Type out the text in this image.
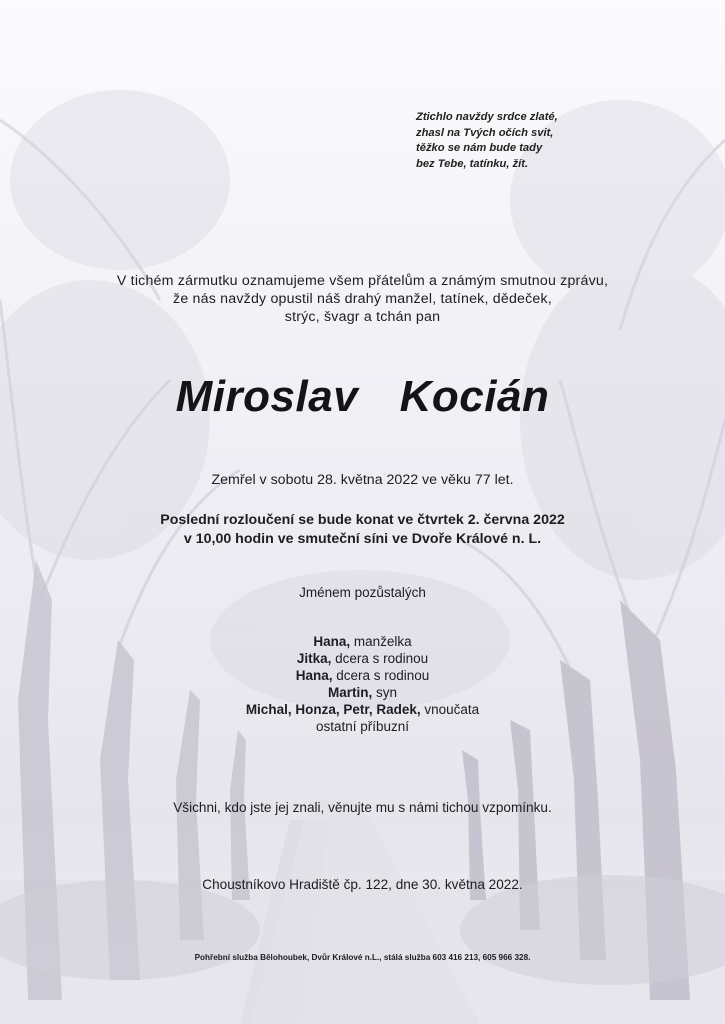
Ztichlo navždy srdce zlaté,
zhasl na Tvých očích svit,
těžko se nám bude tady
bez Tebe, tatínku, žít.
V tichém zármutku oznamujeme všem přátelům a známým smutnou zprávu,
že nás navždy opustil náš drahý manžel, tatínek, dědeček,
strýc, švagr a tchán pan
Miroslav  Kocián
Zemřel v sobotu 28. května 2022 ve věku 77 let.
Poslední rozloučení se bude konat ve čtvrtek 2. června 2022
v 10,00 hodin ve smuteční síni ve Dvoře Králové n. L.
Jménem pozůstalých
Hana, manželka
Jitka, dcera s rodinou
Hana, dcera s rodinou
Martin, syn
Michal, Honza, Petr, Radek, vnoučata
ostatní příbuzní
Všichni, kdo jste jej znali, věnujte mu s námi tichou vzpomínku.
Choustníkovo Hradiště čp. 122, dne 30. května 2022.
Pohřební služba Bělohoubek, Dvůr Králové n.L., stálá služba 603 416 213, 605 966 328.
